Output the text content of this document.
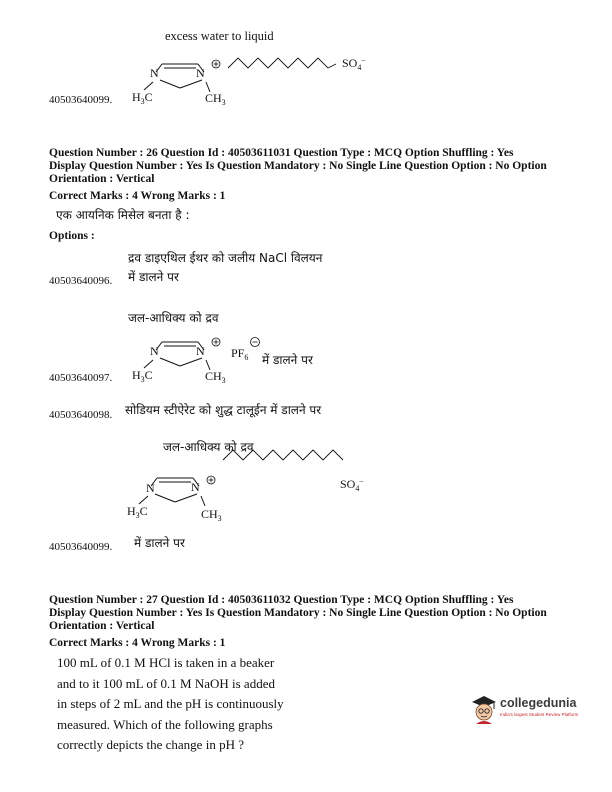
excess water to liquid
N	N
$SO_4$
−
40503640099. $H_3C$	$CH_3$
Question Number : 26 Question Id : 40503611031 Question Type : MCQ Option Shuffling : Yes
Display Question Number : Yes Is Question Mandatory : No Single Line Question Option : No Option
Orientation : Vertical
Correct Marks : 4 Wrong Marks : 1
एक आयनिक मिसेल बनता है :
Options :
द्रव डाइएथिल ईथर को जलीय NaCl विलयन
में डालने पर
40503640096.
जल-आधिक्य को द्रव
N	N $PF_6$ में डालने पर
40503640097. $H_3C$	$CH_3$
सोडियम स्टीऐरेट को शुद्ध टालूईन में डालने पर
40503640098.
जल-आधिक्य को द्रव
N	N	$SO_4$
−
$H_3C$	$CH_3$
में डालने पर
40503640099.
Question Number : 27 Question Id : 40503611032 Question Type : MCQ Option Shuffling : Yes
Display Question Number : Yes Is Question Mandatory : No Single Line Question Option : No Option
Orientation : Vertical
Correct Marks : 4 Wrong Marks : 1
100 mL of 0.1 M HCl is taken in a beaker
and to it 100 mL of 0.1 M NaOH is added
in steps of 2 mL and the pH is continuously
measured. Which of the following graphs
correctly depicts the change in pH ?
collegedunia
India's largest Student Review Platform
